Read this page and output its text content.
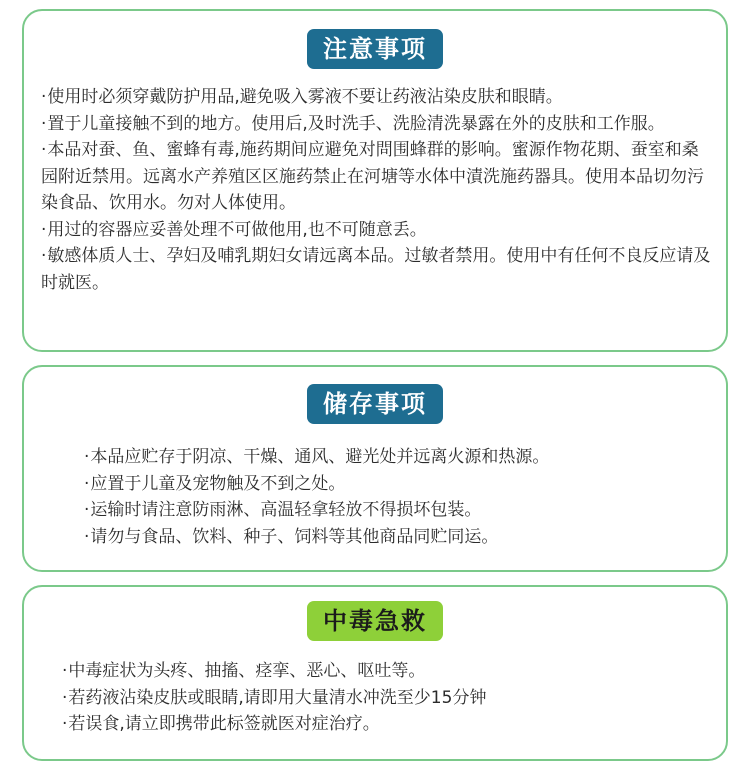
注意事项
· 使用时必须穿戴防护用品,避免吸入雾液不要让药液沾染皮肤和眼睛。
· 置于儿童接触不到的地方。使用后,及时洗手、洗脸清洗暴露在外的皮肤和工作服。
· 本品对蚕、鱼、蜜蜂有毒,施药期间应避免对問围蜂群的影响。蜜源作物花期、蚕室和桑园附近禁用。远离水产养殖区区施药禁止在河塘等水体中漬洗施药器具。使用本品切勿污染食品、饮用水。勿对人体使用。
· 用过的容器应妥善处理不可做他用,也不可随意丢。
· 敏感体质人士、孕妇及哺乳期妇女请远离本品。过敏者禁用。使用中有任何不良反应请及时就医。
储存事项
· 本品应贮存于阴凉、干燥、通风、避光处并远离火源和热源。
· 应置于儿童及宠物触及不到之处。
· 运输时请注意防雨淋、高温轻拿轻放不得损坏包装。
· 请勿与食品、饮料、种子、饲料等其他商品同贮同运。
中毒急救
· 中毒症状为头疼、抽搐、痉挛、恶心、呕吐等。
· 若药液沾染皮肤或眼睛,请即用大量清水冲洗至少15分钟
· 若误食,请立即携带此标签就医对症治疗。
